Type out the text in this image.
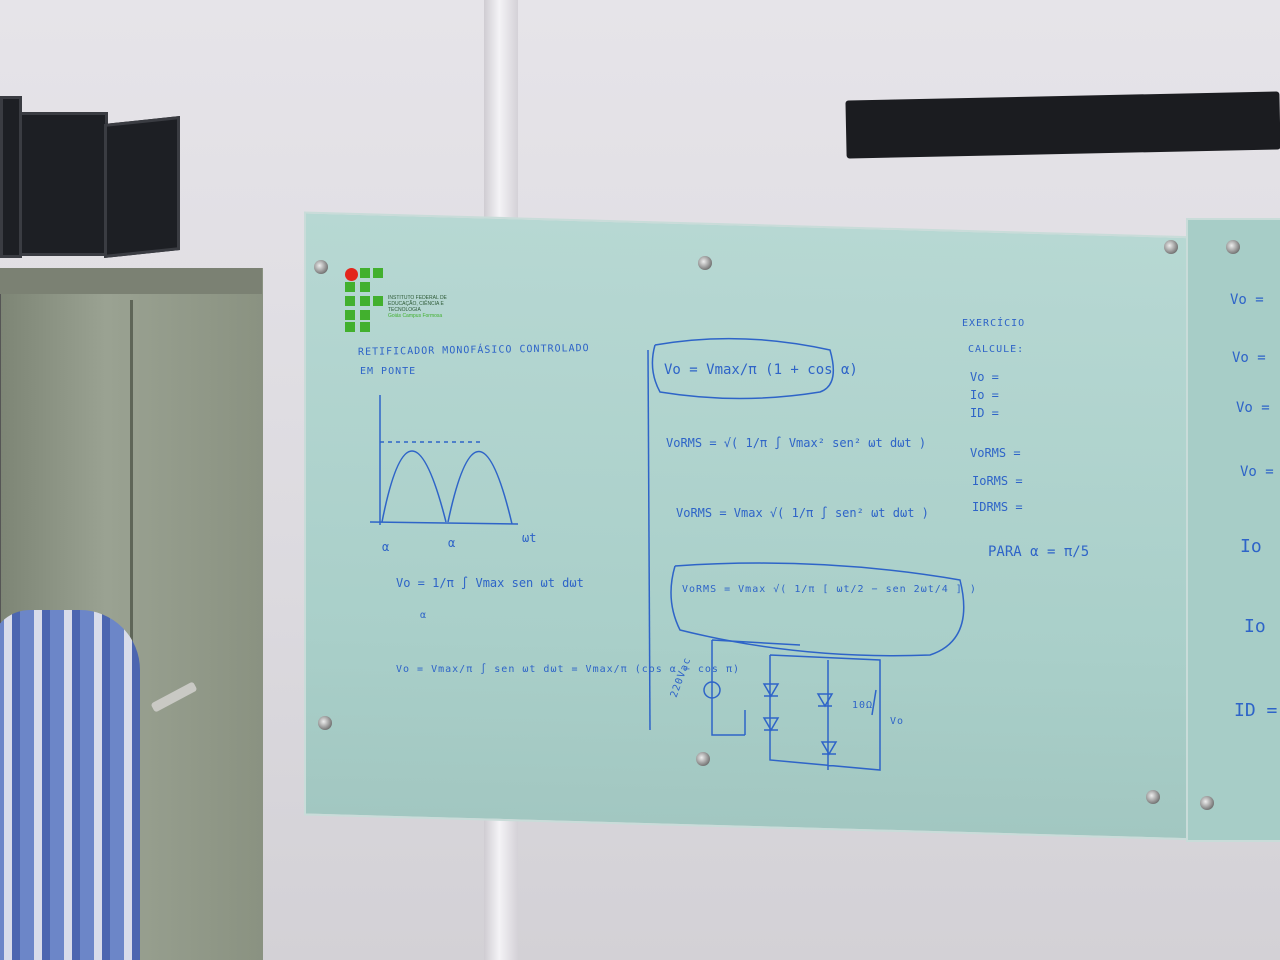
INSTITUTO FEDERAL DE EDUCAÇÃO, CIÊNCIA E TECNOLOGIA
Goiás Campus Formosa
RETIFICADOR MONOFÁSICO CONTROLADO
EM PONTE
ωt
α	α
Vo = 1/π ∫ Vmax sen ωt dωt
α
Vo = Vmax/π ∫ sen ωt dωt = Vmax/π (cos α − cos π)
Vo = Vmax/π (1 + cos α)
VoRMS = √( 1/π ∫ Vmax² sen² ωt dωt )
VoRMS = Vmax √( 1/π ∫ sen² ωt dωt )
VoRMS = Vmax √( 1/π [ ωt/2 − sen 2ωt/4 ] )
220Vac
10Ω
Vo
EXERCÍCIO
CALCULE:
Vo =
Io =
ID =
VoRMS =
IoRMS =
IDRMS =
PARA α = π/5
Vo =
Vo =
Vo =
Vo =
Io
Io
ID =
